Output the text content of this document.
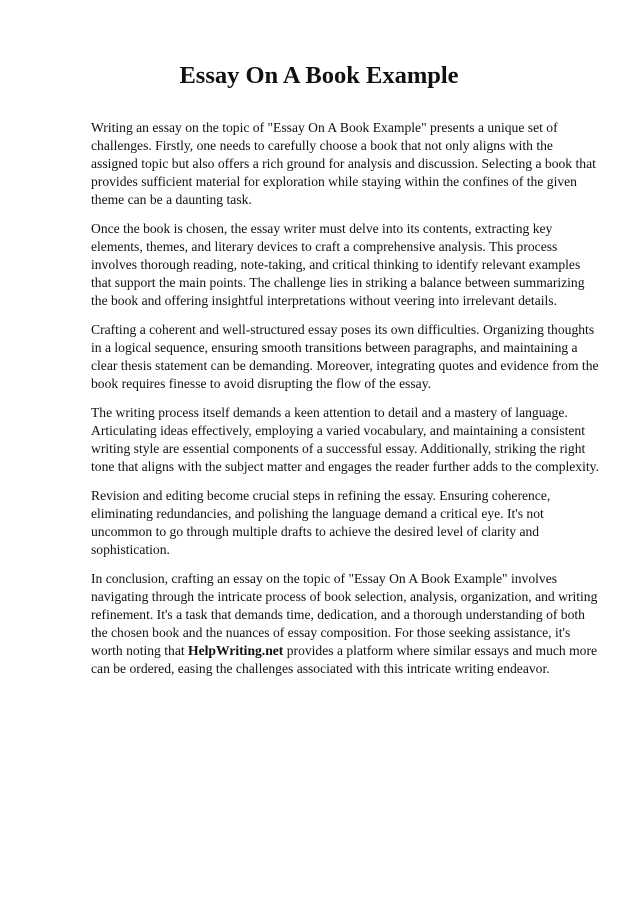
Essay On A Book Example

Writing an essay on the topic of "Essay On A Book Example" presents a unique set of challenges. Firstly, one needs to carefully choose a book that not only aligns with the assigned topic but also offers a rich ground for analysis and discussion. Selecting a book that provides sufficient material for exploration while staying within the confines of the given theme can be a daunting task.

Once the book is chosen, the essay writer must delve into its contents, extracting key elements, themes, and literary devices to craft a comprehensive analysis. This process involves thorough reading, note-taking, and critical thinking to identify relevant examples that support the main points. The challenge lies in striking a balance between summarizing the book and offering insightful interpretations without veering into irrelevant details.

Crafting a coherent and well-structured essay poses its own difficulties. Organizing thoughts in a logical sequence, ensuring smooth transitions between paragraphs, and maintaining a clear thesis statement can be demanding. Moreover, integrating quotes and evidence from the book requires finesse to avoid disrupting the flow of the essay.

The writing process itself demands a keen attention to detail and a mastery of language. Articulating ideas effectively, employing a varied vocabulary, and maintaining a consistent writing style are essential components of a successful essay. Additionally, striking the right tone that aligns with the subject matter and engages the reader further adds to the complexity.

Revision and editing become crucial steps in refining the essay. Ensuring coherence, eliminating redundancies, and polishing the language demand a critical eye. It's not uncommon to go through multiple drafts to achieve the desired level of clarity and sophistication.

In conclusion, crafting an essay on the topic of "Essay On A Book Example" involves navigating through the intricate process of book selection, analysis, organization, and writing refinement. It's a task that demands time, dedication, and a thorough understanding of both the chosen book and the nuances of essay composition. For those seeking assistance, it's worth noting that HelpWriting.net provides a platform where similar essays and much more can be ordered, easing the challenges associated with this intricate writing endeavor.
